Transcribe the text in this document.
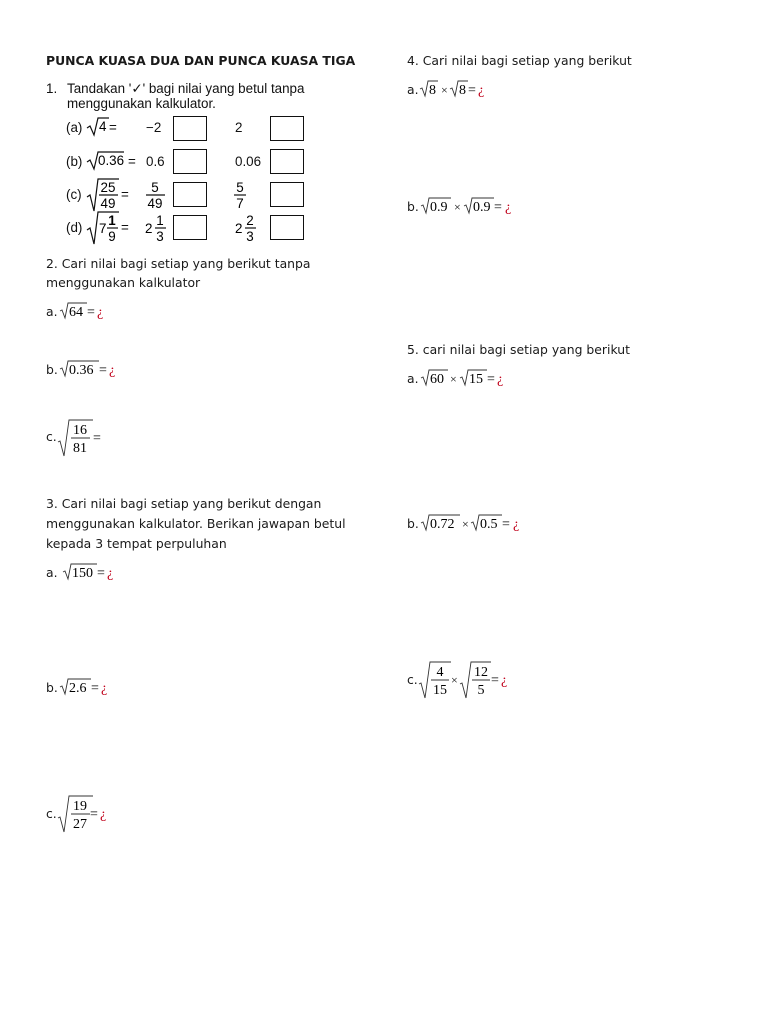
PUNCA KUASA DUA DAN PUNCA KUASA TIGA
1. Tandakan '✓' bagi nilai yang betul tanpa
menggunakan kalkulator.
(a) 4 = −2	2
(b) 0.36 = 0.6	0.06
(c) 25
49
= 5
49
5
7
(d) 7
1
9
= 2
1
3
2
2
3
2. Cari nilai bagi setiap yang berikut tanpa
menggunakan kalkulator
a. 64 = ¿
b. 0.36 = ¿
c. 16
81
=
3. Cari nilai bagi setiap yang berikut dengan
menggunakan kalkulator. Berikan jawapan betul
kepada 3 tempat perpuluhan
a. 150 = ¿
b. 2.6 = ¿
c. 19
27
= ¿
4. Cari nilai bagi setiap yang berikut
a. 8 × 8 = ¿
b. 0.9 × 0.9 = ¿
5. cari nilai bagi setiap yang berikut
a. 60 × 15 = ¿
b. 0.72 × 0.5 = ¿
c. 4
15
× 12
5
= ¿
